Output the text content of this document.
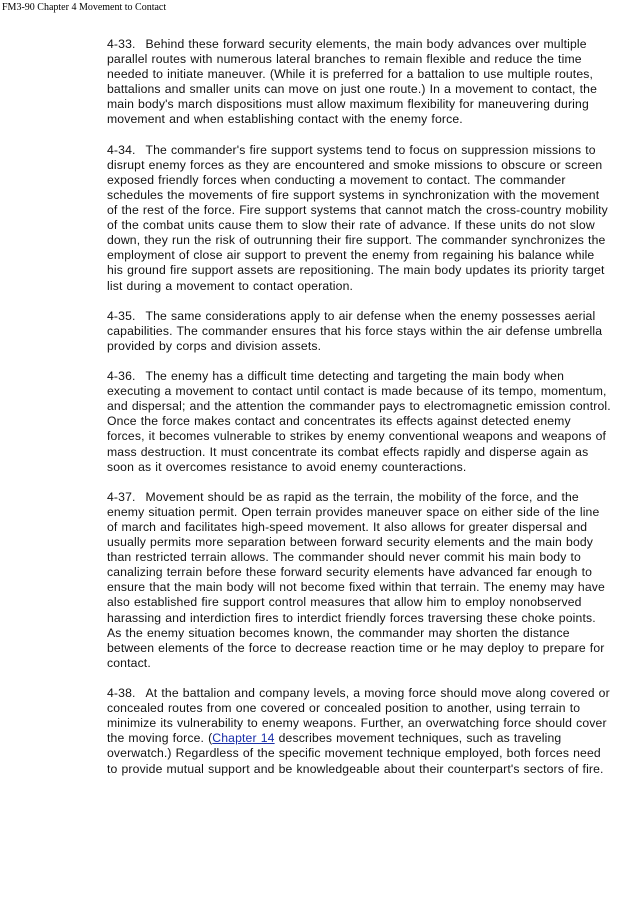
FM3-90 Chapter 4 Movement to Contact

4-33. Behind these forward security elements, the main body advances over multiple parallel routes with numerous lateral branches to remain flexible and reduce the time needed to initiate maneuver. (While it is preferred for a battalion to use multiple routes, battalions and smaller units can move on just one route.) In a movement to contact, the main body's march dispositions must allow maximum flexibility for maneuvering during movement and when establishing contact with the enemy force.

4-34. The commander's fire support systems tend to focus on suppression missions to disrupt enemy forces as they are encountered and smoke missions to obscure or screen exposed friendly forces when conducting a movement to contact. The commander schedules the movements of fire support systems in synchronization with the movement of the rest of the force. Fire support systems that cannot match the cross-country mobility of the combat units cause them to slow their rate of advance. If these units do not slow down, they run the risk of outrunning their fire support. The commander synchronizes the employment of close air support to prevent the enemy from regaining his balance while his ground fire support assets are repositioning. The main body updates its priority target list during a movement to contact operation.

4-35. The same considerations apply to air defense when the enemy possesses aerial capabilities. The commander ensures that his force stays within the air defense umbrella provided by corps and division assets.

4-36. The enemy has a difficult time detecting and targeting the main body when executing a movement to contact until contact is made because of its tempo, momentum, and dispersal; and the attention the commander pays to electromagnetic emission control. Once the force makes contact and concentrates its effects against detected enemy forces, it becomes vulnerable to strikes by enemy conventional weapons and weapons of mass destruction. It must concentrate its combat effects rapidly and disperse again as soon as it overcomes resistance to avoid enemy counteractions.

4-37. Movement should be as rapid as the terrain, the mobility of the force, and the enemy situation permit. Open terrain provides maneuver space on either side of the line of march and facilitates high-speed movement. It also allows for greater dispersal and usually permits more separation between forward security elements and the main body than restricted terrain allows. The commander should never commit his main body to canalizing terrain before these forward security elements have advanced far enough to ensure that the main body will not become fixed within that terrain. The enemy may have also established fire support control measures that allow him to employ nonobserved harassing and interdiction fires to interdict friendly forces traversing these choke points. As the enemy situation becomes known, the commander may shorten the distance between elements of the force to decrease reaction time or he may deploy to prepare for contact.

4-38. At the battalion and company levels, a moving force should move along covered or concealed routes from one covered or concealed position to another, using terrain to minimize its vulnerability to enemy weapons. Further, an overwatching force should cover the moving force. (Chapter 14 describes movement techniques, such as traveling overwatch.) Regardless of the specific movement technique employed, both forces need to provide mutual support and be knowledgeable about their counterpart's sectors of fire.
